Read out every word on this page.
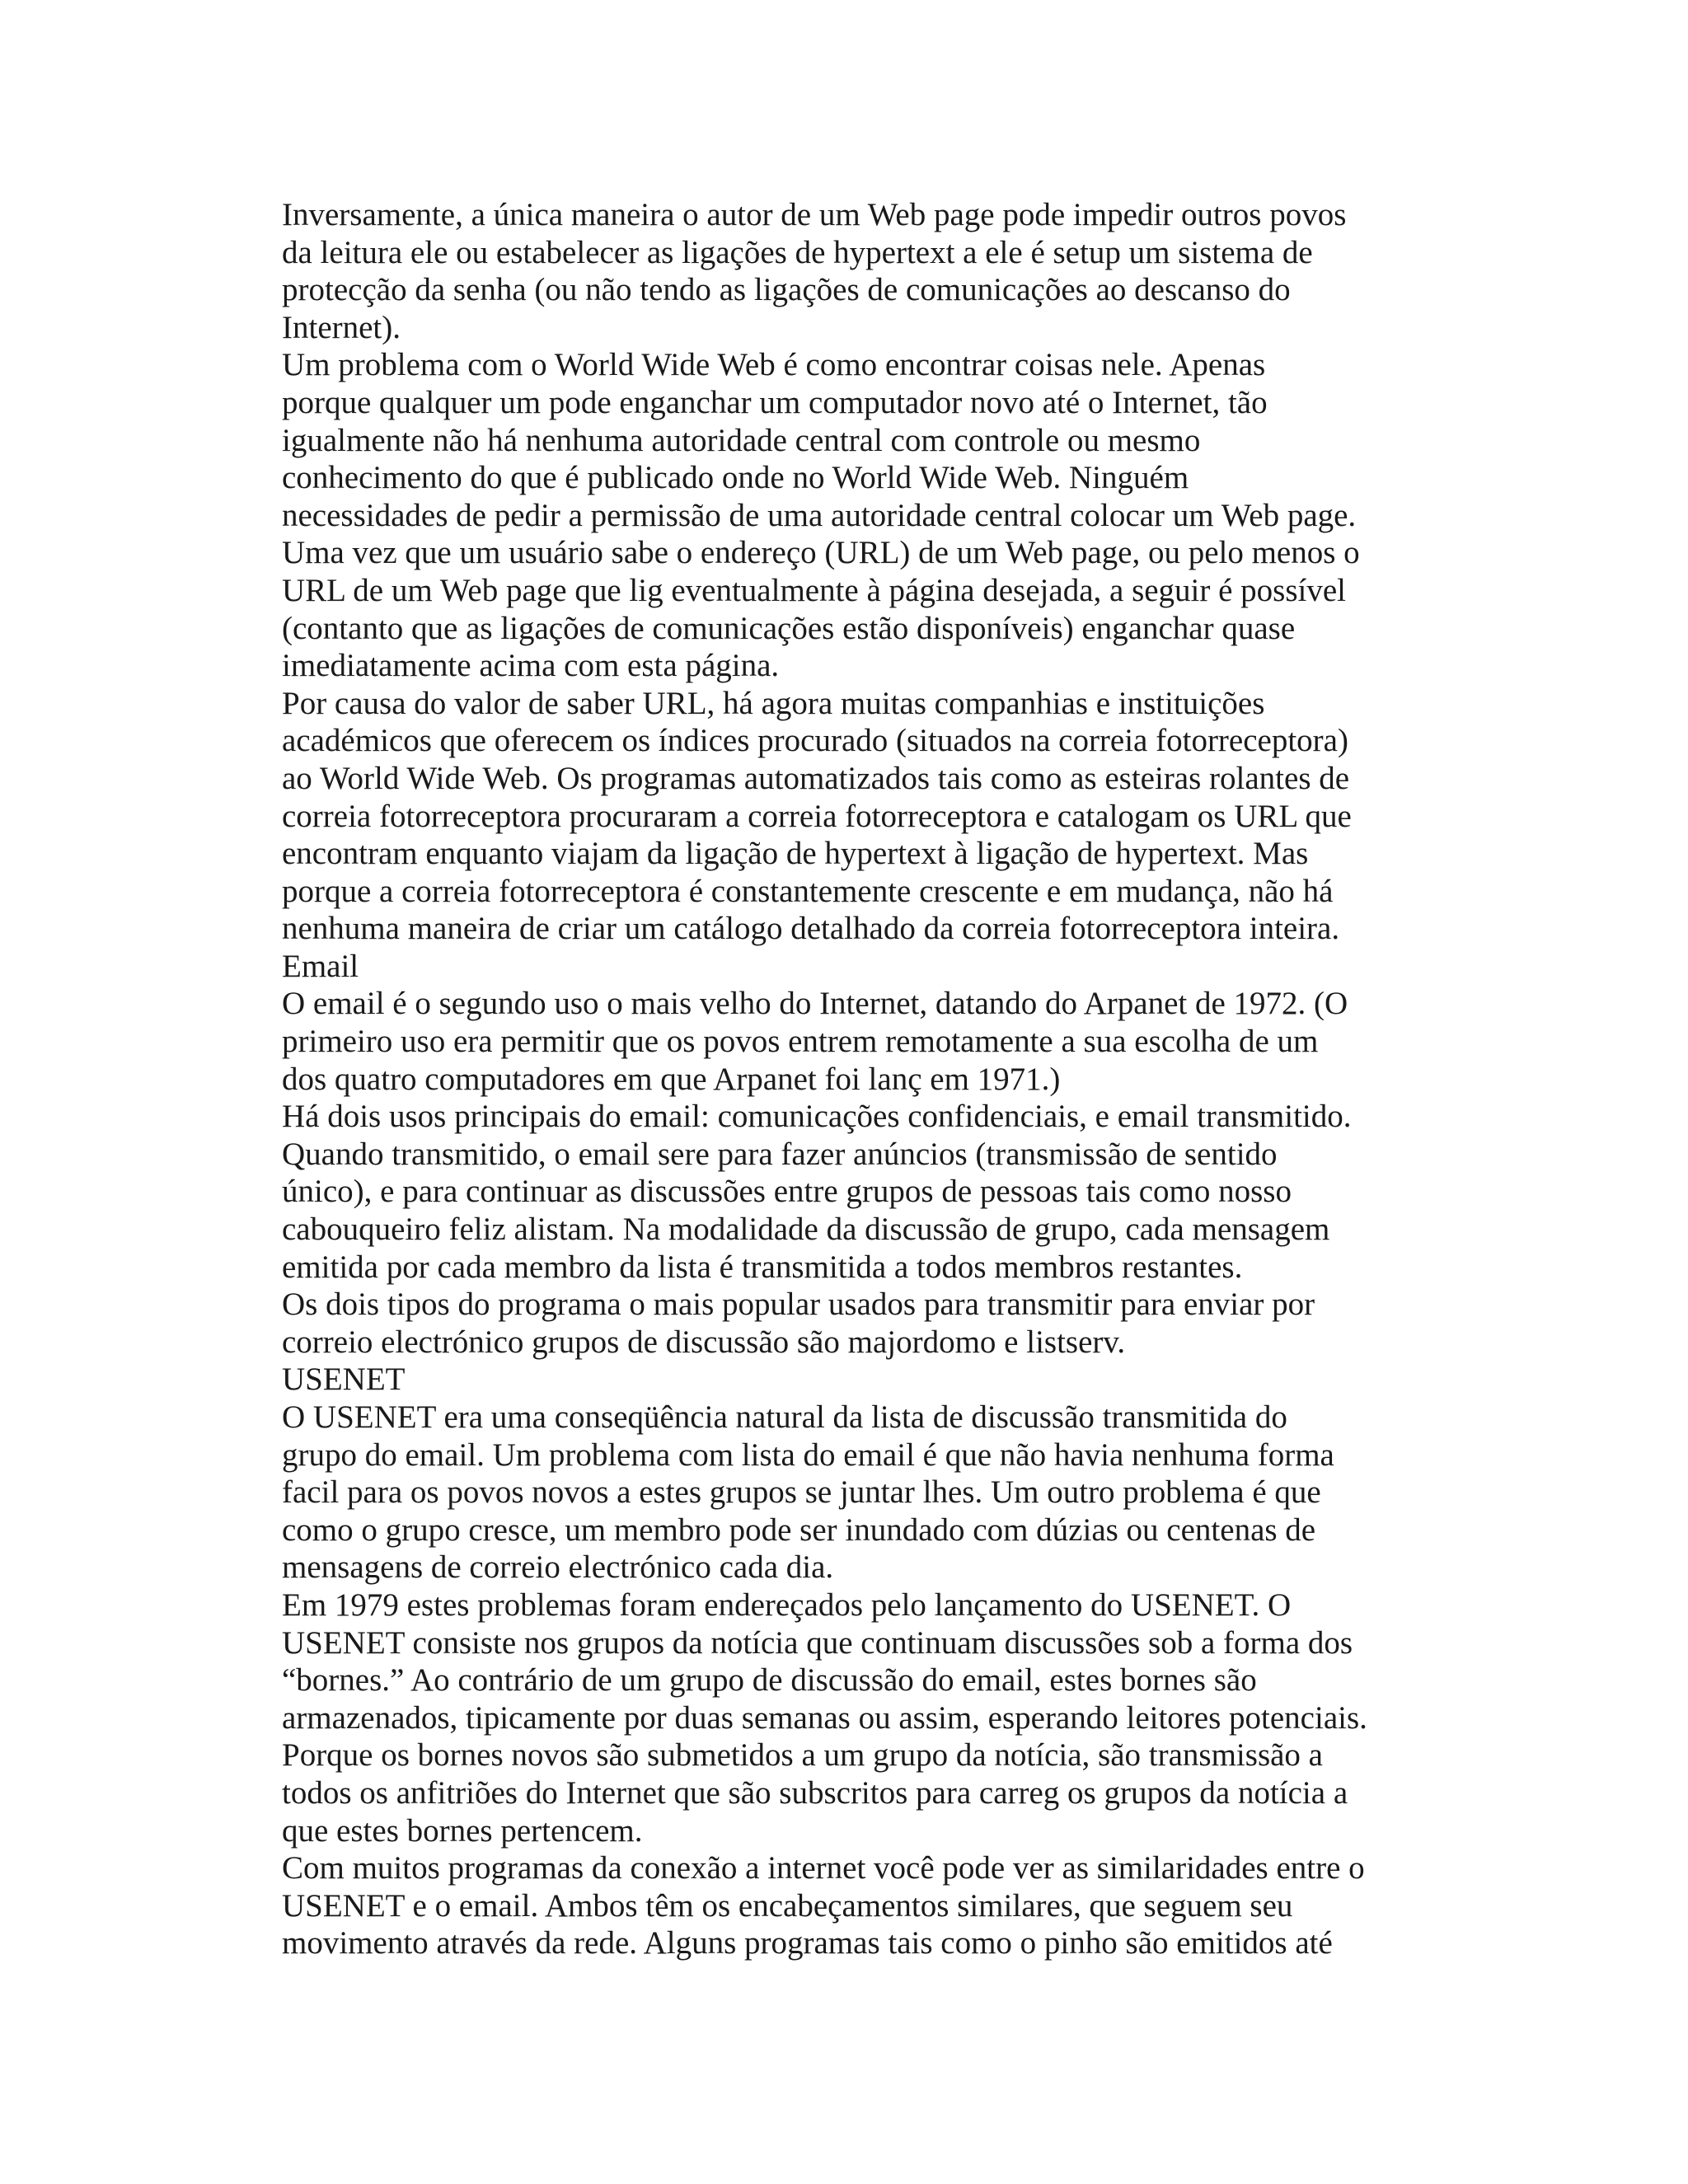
Inversamente, a única maneira o autor de um Web page pode impedir outros povos
da leitura ele ou estabelecer as ligações de hypertext a ele é setup um sistema de
protecção da senha (ou não tendo as ligações de comunicações ao descanso do
Internet).
Um problema com o World Wide Web é como encontrar coisas nele. Apenas
porque qualquer um pode enganchar um computador novo até o Internet, tão
igualmente não há nenhuma autoridade central com controle ou mesmo
conhecimento do que é publicado onde no World Wide Web. Ninguém
necessidades de pedir a permissão de uma autoridade central colocar um Web page.
Uma vez que um usuário sabe o endereço (URL) de um Web page, ou pelo menos o
URL de um Web page que lig eventualmente à página desejada, a seguir é possível
(contanto que as ligações de comunicações estão disponíveis) enganchar quase
imediatamente acima com esta página.
Por causa do valor de saber URL, há agora muitas companhias e instituições
académicos que oferecem os índices procurado (situados na correia fotorreceptora)
ao World Wide Web. Os programas automatizados tais como as esteiras rolantes de
correia fotorreceptora procuraram a correia fotorreceptora e catalogam os URL que
encontram enquanto viajam da ligação de hypertext à ligação de hypertext. Mas
porque a correia fotorreceptora é constantemente crescente e em mudança, não há
nenhuma maneira de criar um catálogo detalhado da correia fotorreceptora inteira.
Email
O email é o segundo uso o mais velho do Internet, datando do Arpanet de 1972. (O
primeiro uso era permitir que os povos entrem remotamente a sua escolha de um
dos quatro computadores em que Arpanet foi lanç em 1971.)
Há dois usos principais do email: comunicações confidenciais, e email transmitido.
Quando transmitido, o email sere para fazer anúncios (transmissão de sentido
único), e para continuar as discussões entre grupos de pessoas tais como nosso
cabouqueiro feliz alistam. Na modalidade da discussão de grupo, cada mensagem
emitida por cada membro da lista é transmitida a todos membros restantes.
Os dois tipos do programa o mais popular usados para transmitir para enviar por
correio electrónico grupos de discussão são majordomo e listserv.
USENET
O USENET era uma conseqüência natural da lista de discussão transmitida do
grupo do email. Um problema com lista do email é que não havia nenhuma forma
facil para os povos novos a estes grupos se juntar lhes. Um outro problema é que
como o grupo cresce, um membro pode ser inundado com dúzias ou centenas de
mensagens de correio electrónico cada dia.
Em 1979 estes problemas foram endereçados pelo lançamento do USENET. O
USENET consiste nos grupos da notícia que continuam discussões sob a forma dos
“bornes.” Ao contrário de um grupo de discussão do email, estes bornes são
armazenados, tipicamente por duas semanas ou assim, esperando leitores potenciais.
Porque os bornes novos são submetidos a um grupo da notícia, são transmissão a
todos os anfitriões do Internet que são subscritos para carreg os grupos da notícia a
que estes bornes pertencem.
Com muitos programas da conexão a internet você pode ver as similaridades entre o
USENET e o email. Ambos têm os encabeçamentos similares, que seguem seu
movimento através da rede. Alguns programas tais como o pinho são emitidos até
